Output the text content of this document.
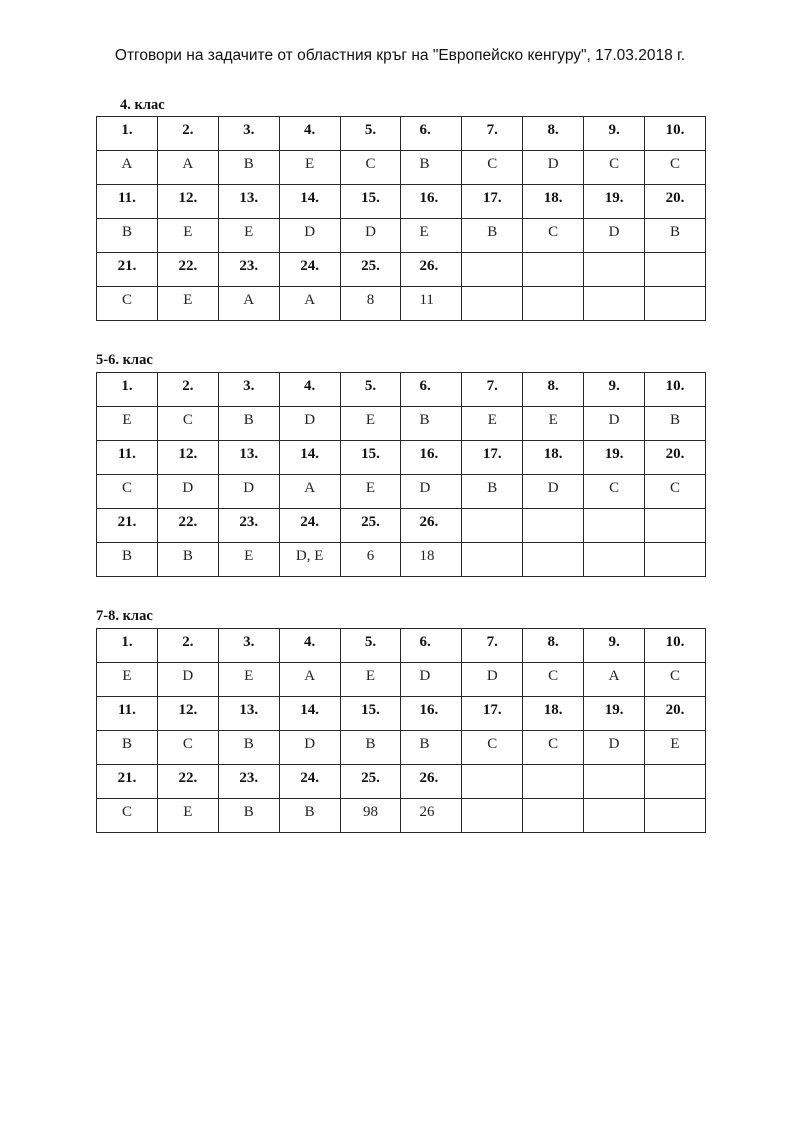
Отговори на задачите от областния кръг на "Европейско кенгуру", 17.03.2018 г.
4. клас
1.	2.	3.	4.	5.	6.	7.	8.	9.	10.
A	A	B	E	C	B	C	D	C	C
11.	12.	13.	14.	15.	16.	17.	18.	19.	20.
B	E	E	D	D	E	B	C	D	B
21.	22.	23.	24.	25.	26.				
C	E	A	A	8	11				
5-6. клас
1.	2.	3.	4.	5.	6.	7.	8.	9.	10.
E	C	B	D	E	B	E	E	D	B
11.	12.	13.	14.	15.	16.	17.	18.	19.	20.
C	D	D	A	E	D	B	D	C	C
21.	22.	23.	24.	25.	26.				
B	B	E	D, E	6	18				
7-8. клас
1.	2.	3.	4.	5.	6.	7.	8.	9.	10.
E	D	E	A	E	D	D	C	A	C
11.	12.	13.	14.	15.	16.	17.	18.	19.	20.
B	C	B	D	B	B	C	C	D	E
21.	22.	23.	24.	25.	26.				
C	E	B	B	98	26				
